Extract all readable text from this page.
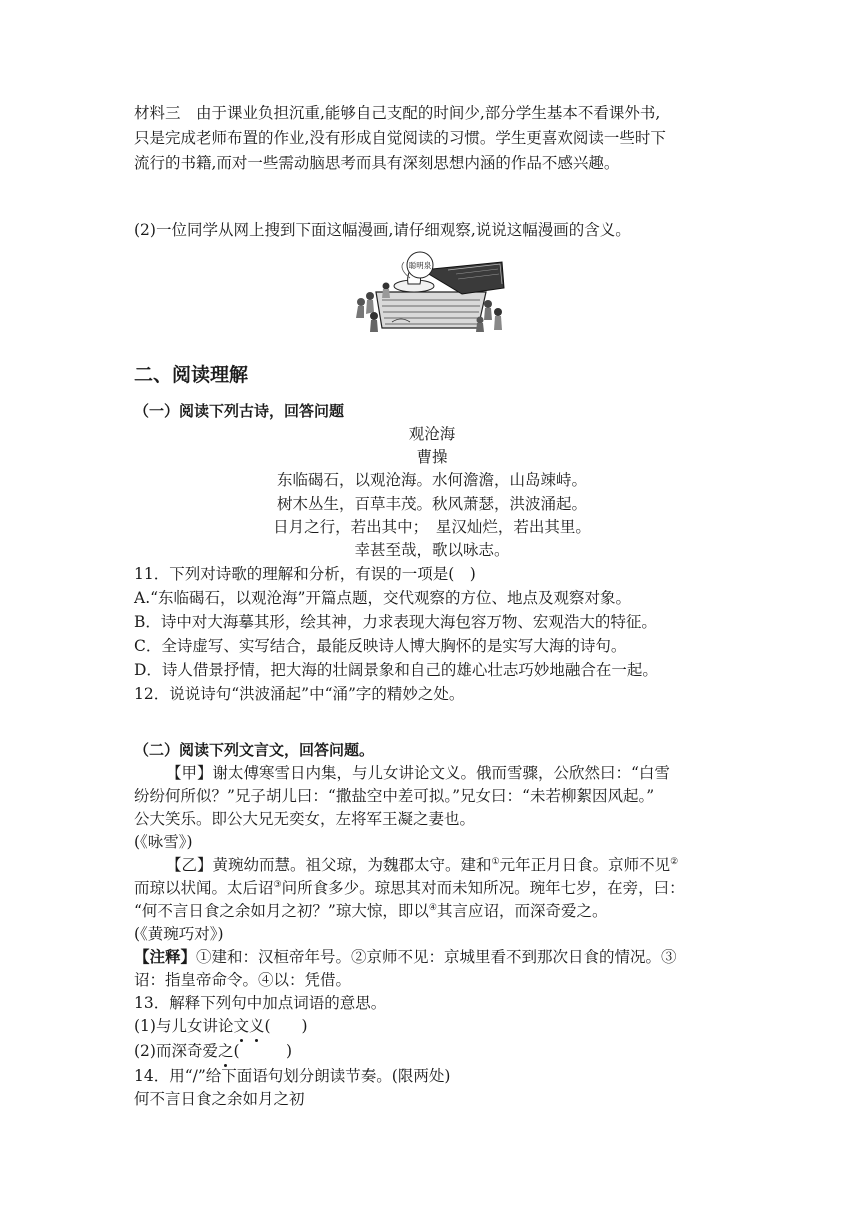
材料三　由于课业负担沉重,能够自己支配的时间少,部分学生基本不看课外书,
只是完成老师布置的作业,没有形成自觉阅读的习惯。学生更喜欢阅读一些时下
流行的书籍,而对一些需动脑思考而具有深刻思想内涵的作品不感兴趣。
(2)一位同学从网上搜到下面这幅漫画,请仔细观察,说说这幅漫画的含义。
聪明泉
二、阅读理解
（一）阅读下列古诗，回答问题
观沧海
曹操
东临碣石，以观沧海。水何澹澹，山岛竦峙。
树木丛生，百草丰茂。秋风萧瑟，洪波涌起。
日月之行，若出其中；　星汉灿烂，若出其里。
幸甚至哉，歌以咏志。
11．下列对诗歌的理解和分析，有误的一项是(　)
A.“东临碣石，以观沧海”开篇点题，交代观察的方位、地点及观察对象。
B．诗中对大海摹其形，绘其神，力求表现大海包容万物、宏观浩大的特征。
C．全诗虚写、实写结合，最能反映诗人博大胸怀的是实写大海的诗句。
D．诗人借景抒情，把大海的壮阔景象和自己的雄心壮志巧妙地融合在一起。
12．说说诗句“洪波涌起”中“涌”字的精妙之处。
（二）阅读下列文言文，回答问题。
【甲】谢太傅寒雪日内集，与儿女讲论文义。俄而雪骤，公欣然曰：“白雪
纷纷何所似？”兄子胡儿曰：“撒盐空中差可拟。”兄女曰：“未若柳絮因风起。”
公大笑乐。即公大兄无奕女，左将军王凝之妻也。
(《咏雪》)
【乙】黄琬幼而慧。祖父琼，为魏郡太守。建和①元年正月日食。京师不见②
而琼以状闻。太后诏③问所食多少。琼思其对而未知所况。琬年七岁，在旁，曰：
“何不言日食之余如月之初？”琼大惊，即以④其言应诏，而深奇爱之。
(《黄琬巧对》)
【注释】①建和：汉桓帝年号。②京师不见：京城里看不到那次日食的情况。③
诏：指皇帝命令。④以：凭借。
13．解释下列句中加点词语的意思。
(1)与儿女讲论文义(　　)
(2)而深奇爱之(　　　)
14．用“/”给下面语句划分朗读节奏。(限两处)
何不言日食之余如月之初
